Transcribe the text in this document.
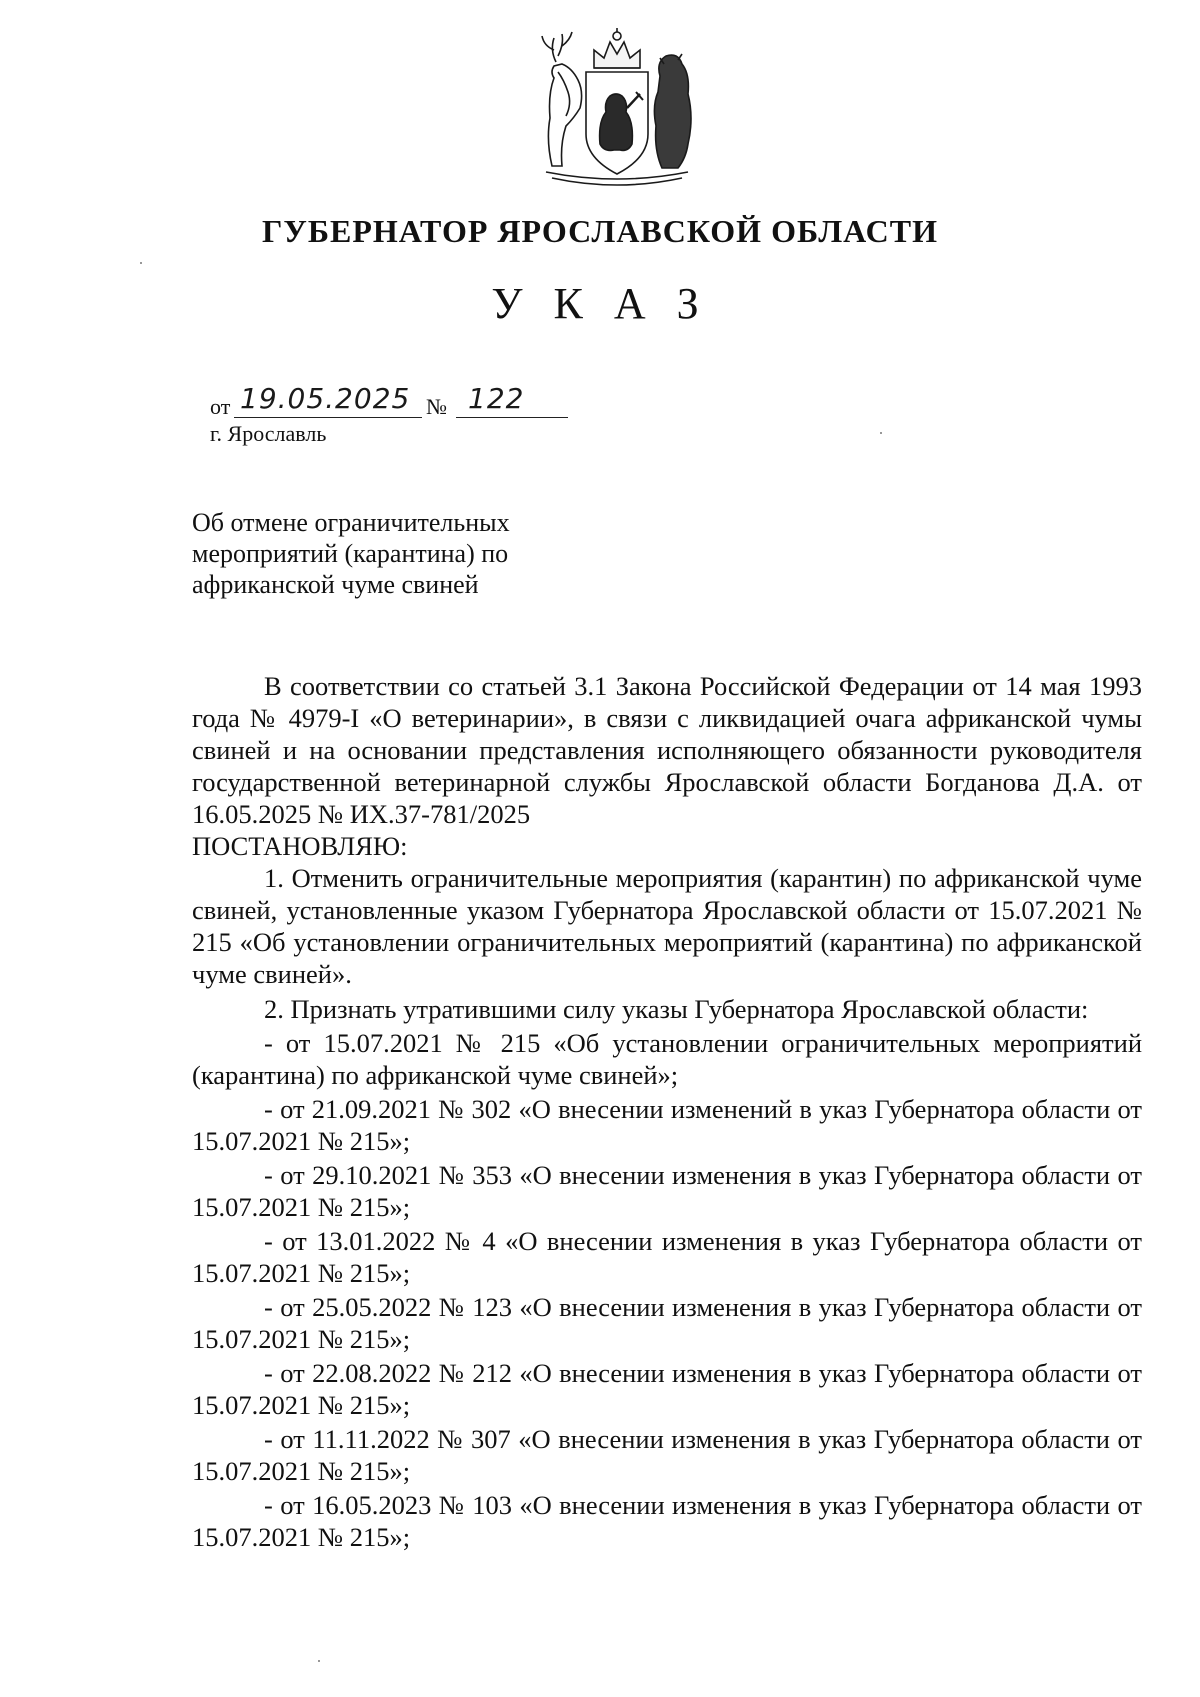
ГУБЕРНАТОР ЯРОСЛАВСКОЙ ОБЛАСТИ
У К А З
от 19.05.2025 № 122
г. Ярославль
Об отмене ограничительных
мероприятий (карантина) по
африканской чуме свиней

В соответствии со статьей 3.1 Закона Российской Федерации от 14 мая 1993 года № 4979-I «О ветеринарии», в связи с ликвидацией очага африканской чумы свиней и на основании представления исполняющего обязанности руководителя государственной ветеринарной службы Ярославской области Богданова Д.А. от 16.05.2025 № ИХ.37-781/2025

ПОСТАНОВЛЯЮ:

1. Отменить ограничительные мероприятия (карантин) по африканской чуме свиней, установленные указом Губернатора Ярославской области от 15.07.2021 № 215 «Об установлении ограничительных мероприятий (карантина) по африканской чуме свиней».

2. Признать утратившими силу указы Губернатора Ярославской области:

- от 15.07.2021 № 215 «Об установлении ограничительных мероприятий (карантина) по африканской чуме свиней»;

- от 21.09.2021 № 302 «О внесении изменений в указ Губернатора области от 15.07.2021 № 215»;

- от 29.10.2021 № 353 «О внесении изменения в указ Губернатора области от 15.07.2021 № 215»;

- от 13.01.2022 № 4 «О внесении изменения в указ Губернатора области от 15.07.2021 № 215»;

- от 25.05.2022 № 123 «О внесении изменения в указ Губернатора области от 15.07.2021 № 215»;

- от 22.08.2022 № 212 «О внесении изменения в указ Губернатора области от 15.07.2021 № 215»;

- от 11.11.2022 № 307 «О внесении изменения в указ Губернатора области от 15.07.2021 № 215»;

- от 16.05.2023 № 103 «О внесении изменения в указ Губернатора области от 15.07.2021 № 215»;
